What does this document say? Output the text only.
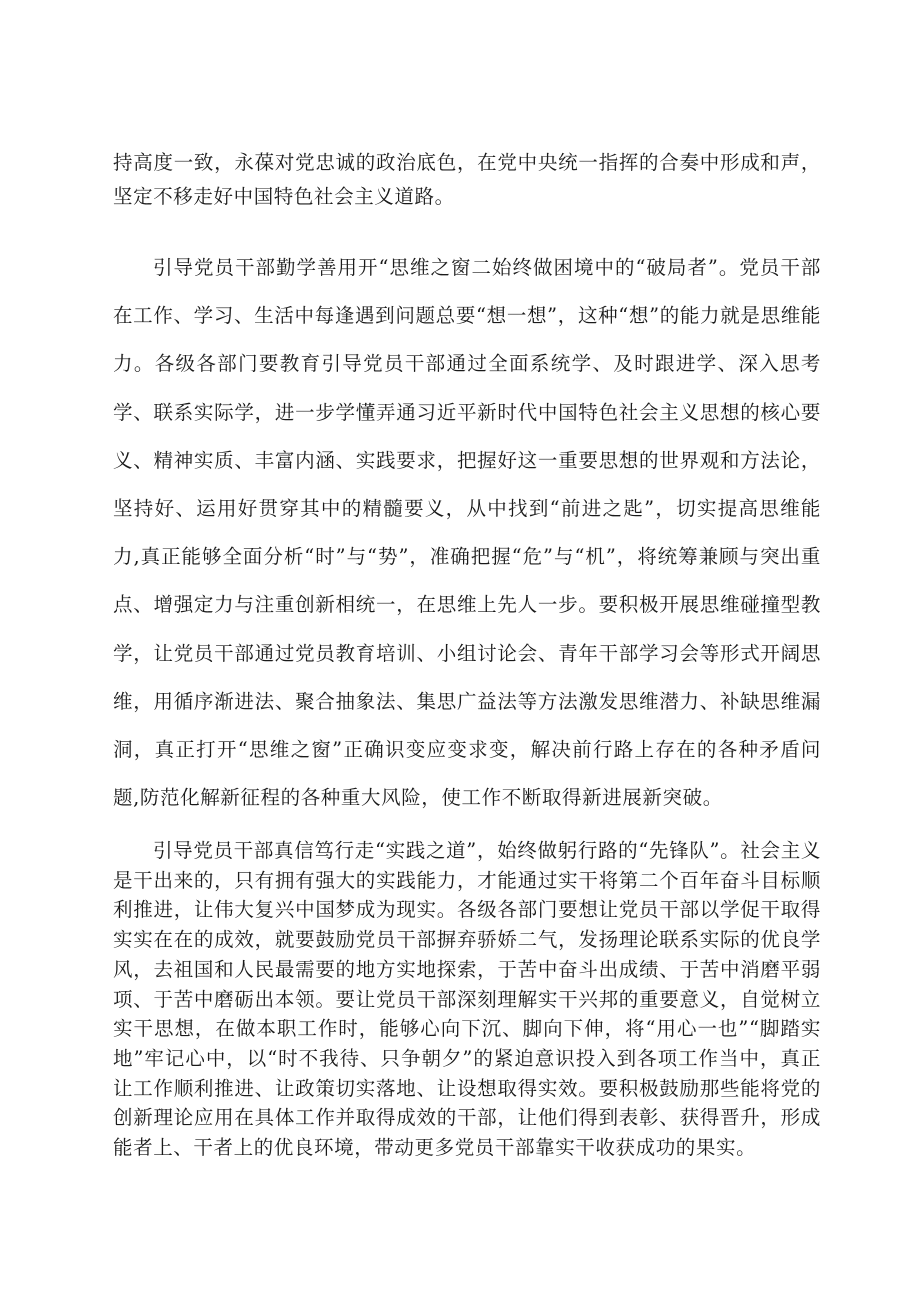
持高度一致，永葆对党忠诚的政治底色，在党中央统一指挥的合奏中形成和声，坚定不移走好中国特色社会主义道路。

引导党员干部勤学善用开“思维之窗二始终做困境中的“破局者”。党员干部在工作、学习、生活中每逢遇到问题总要“想一想”，这种“想”的能力就是思维能力。各级各部门要教育引导党员干部通过全面系统学、及时跟进学、深入思考学、联系实际学，进一步学懂弄通习近平新时代中国特色社会主义思想的核心要义、精神实质、丰富内涵、实践要求，把握好这一重要思想的世界观和方法论，坚持好、运用好贯穿其中的精髓要义，从中找到“前进之匙”，切实提高思维能力,真正能够全面分析“时”与“势”，准确把握“危”与“机”，将统筹兼顾与突出重点、增强定力与注重创新相统一，在思维上先人一步。要积极开展思维碰撞型教学，让党员干部通过党员教育培训、小组讨论会、青年干部学习会等形式开阔思维，用循序渐进法、聚合抽象法、集思广益法等方法激发思维潜力、补缺思维漏洞，真正打开“思维之窗”正确识变应变求变，解决前行路上存在的各种矛盾问题,防范化解新征程的各种重大风险，使工作不断取得新进展新突破。

引导党员干部真信笃行走“实践之道”，始终做躬行路的“先锋队”。社会主义是干出来的，只有拥有强大的实践能力，才能通过实干将第二个百年奋斗目标顺利推进，让伟大复兴中国梦成为现实。各级各部门要想让党员干部以学促干取得实实在在的成效，就要鼓励党员干部摒弃骄娇二气，发扬理论联系实际的优良学风，去祖国和人民最需要的地方实地探索，于苦中奋斗出成绩、于苦中消磨平弱项、于苦中磨砺出本领。要让党员干部深刻理解实干兴邦的重要意义，自觉树立实干思想，在做本职工作时，能够心向下沉、脚向下伸，将“用心一也”“脚踏实地”牢记心中，以“时不我待、只争朝夕”的紧迫意识投入到各项工作当中，真正让工作顺利推进、让政策切实落地、让设想取得实效。要积极鼓励那些能将党的创新理论应用在具体工作并取得成效的干部，让他们得到表彰、获得晋升，形成能者上、干者上的优良环境，带动更多党员干部靠实干收获成功的果实。
